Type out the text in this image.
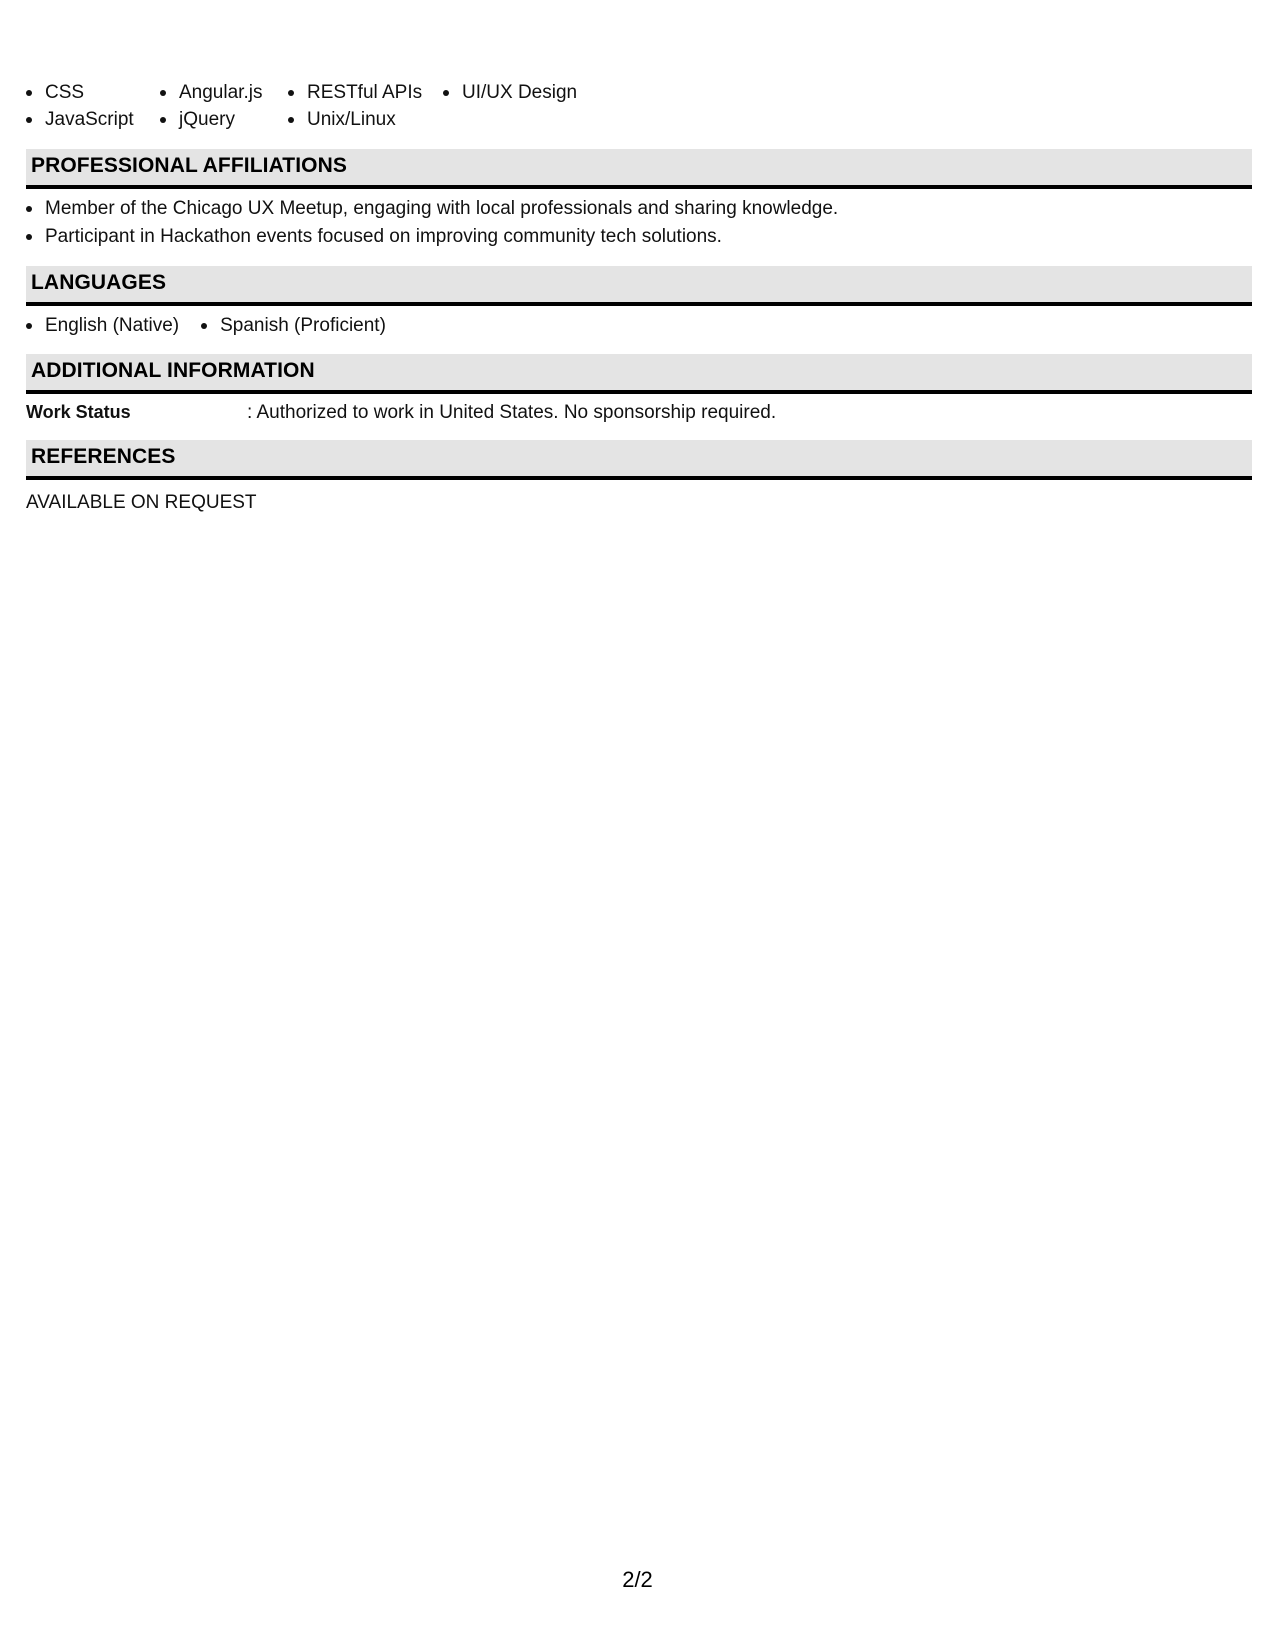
CSS
JavaScript
Angular.js
jQuery
RESTful APIs
Unix/Linux
UI/UX Design
PROFESSIONAL AFFILIATIONS
Member of the Chicago UX Meetup, engaging with local professionals and sharing knowledge.
Participant in Hackathon events focused on improving community tech solutions.
LANGUAGES
English (Native)	Spanish (Proficient)
ADDITIONAL INFORMATION
Work Status	: Authorized to work in United States. No sponsorship required.
REFERENCES
AVAILABLE ON REQUEST
2/2
